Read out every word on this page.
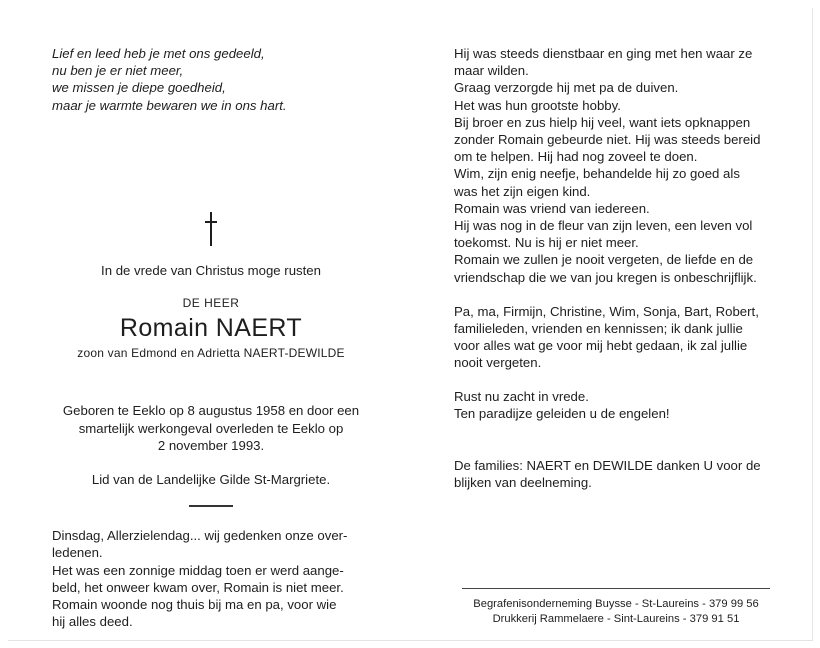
Lief en leed heb je met ons gedeeld,
nu ben je er niet meer,
we missen je diepe goedheid,
maar je warmte bewaren we in ons hart.
In de vrede van Christus moge rusten
DE HEER
Romain NAERT
zoon van Edmond en Adrietta NAERT-DEWILDE
Geboren te Eeklo op 8 augustus 1958 en door een
smartelijk werkongeval overleden te Eeklo op
2 november 1993.
Lid van de Landelijke Gilde St-Margriete.
Dinsdag, Allerzielendag... wij gedenken onze over-
ledenen.
Het was een zonnige middag toen er werd aange-
beld, het onweer kwam over, Romain is niet meer.
Romain woonde nog thuis bij ma en pa, voor wie
hij alles deed.
Hij was steeds dienstbaar en ging met hen waar ze
maar wilden.
Graag verzorgde hij met pa de duiven.
Het was hun grootste hobby.
Bij broer en zus hielp hij veel, want iets opknappen
zonder Romain gebeurde niet. Hij was steeds bereid
om te helpen. Hij had nog zoveel te doen.
Wim, zijn enig neefje, behandelde hij zo goed als
was het zijn eigen kind.
Romain was vriend van iedereen.
Hij was nog in de fleur van zijn leven, een leven vol
toekomst. Nu is hij er niet meer.
Romain we zullen je nooit vergeten, de liefde en de
vriendschap die we van jou kregen is onbeschrijflijk.
Pa, ma, Firmijn, Christine, Wim, Sonja, Bart, Robert,
familieleden, vrienden en kennissen; ik dank jullie
voor alles wat ge voor mij hebt gedaan, ik zal jullie
nooit vergeten.
Rust nu zacht in vrede.
Ten paradijze geleiden u de engelen!
De families: NAERT en DEWILDE danken U voor de
blijken van deelneming.
Begrafenisonderneming Buysse - St-Laureins - 379 99 56
Drukkerij Rammelaere - Sint-Laureins - 379 91 51
